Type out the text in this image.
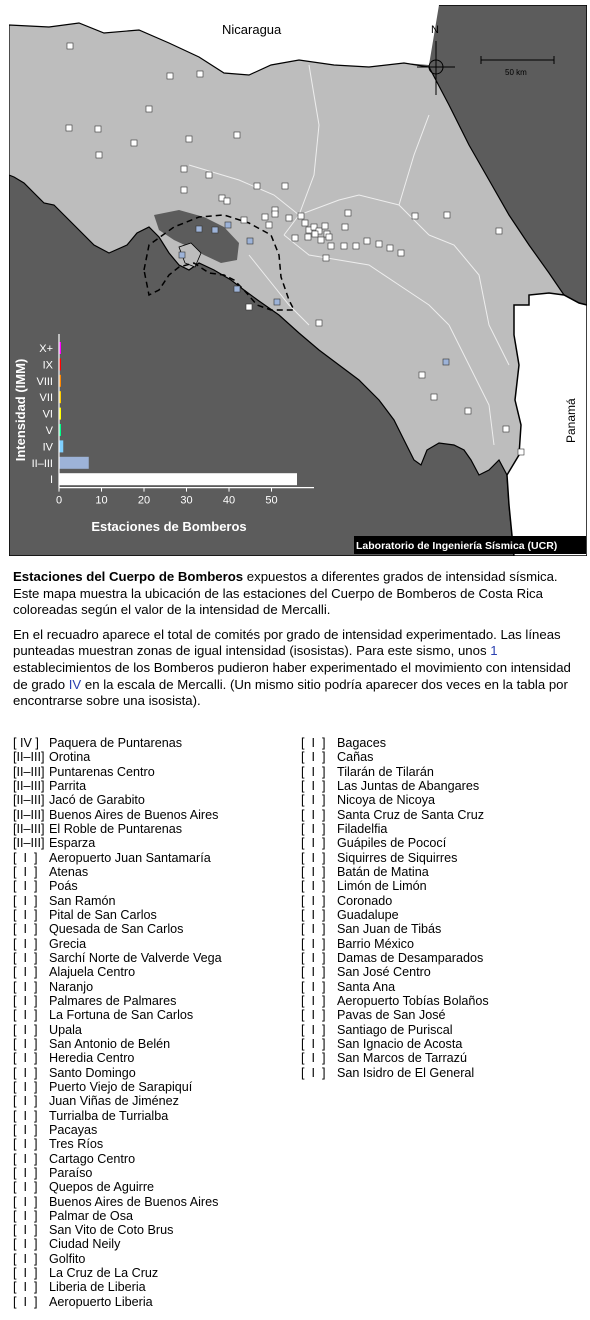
Nicaragua
Panamá
N
50 km
X+
IX
VIII
VII
VI
V
IV
II–III
I
0	10	20	30	40	50
Estaciones de Bomberos
Intensidad (IMM)
Laboratorio de Ingeniería Sísmica (UCR)

Estaciones del Cuerpo de Bomberos expuestos a diferentes grados de intensidad sísmica. Este mapa muestra la ubicación de las estaciones del Cuerpo de Bomberos de Costa Rica coloreadas según el valor de la intensidad de Mercalli.

En el recuadro aparece el total de comités por grado de intensidad experimentado. Las líneas punteadas muestran zonas de igual intensidad (isosistas). Para este sismo, unos 1 establecimientos de los Bomberos pudieron haber experimentado el movimiento con intensidad de grado IV en la escala de Mercalli. (Un mismo sitio podría aparecer dos veces en la tabla por encontrarse sobre una isosista).

[ IV ] Paquera de Puntarenas
[II–III] Orotina
[II–III] Puntarenas Centro
[II–III] Parrita
[II–III] Jacó de Garabito
[II–III] Buenos Aires de Buenos Aires
[II–III] El Roble de Puntarenas
[II–III] Esparza
[  I  ] Aeropuerto Juan Santamaría
[  I  ] Atenas
[  I  ] Poás
[  I  ] San Ramón
[  I  ] Pital de San Carlos
[  I  ] Quesada de San Carlos
[  I  ] Grecia
[  I  ] Sarchí Norte de Valverde Vega
[  I  ] Alajuela Centro
[  I  ] Naranjo
[  I  ] Palmares de Palmares
[  I  ] La Fortuna de San Carlos
[  I  ] Upala
[  I  ] San Antonio de Belén
[  I  ] Heredia Centro
[  I  ] Santo Domingo
[  I  ] Puerto Viejo de Sarapiquí
[  I  ] Juan Viñas de Jiménez
[  I  ] Turrialba de Turrialba
[  I  ] Pacayas
[  I  ] Tres Ríos
[  I  ] Cartago Centro
[  I  ] Paraíso
[  I  ] Quepos de Aguirre
[  I  ] Buenos Aires de Buenos Aires
[  I  ] Palmar de Osa
[  I  ] San Vito de Coto Brus
[  I  ] Ciudad Neily
[  I  ] Golfito
[  I  ] La Cruz de La Cruz
[  I  ] Liberia de Liberia
[  I  ] Aeropuerto Liberia
[  I  ] Bagaces
[  I  ] Cañas
[  I  ] Tilarán de Tilarán
[  I  ] Las Juntas de Abangares
[  I  ] Nicoya de Nicoya
[  I  ] Santa Cruz de Santa Cruz
[  I  ] Filadelfia
[  I  ] Guápiles de Pococí
[  I  ] Siquirres de Siquirres
[  I  ] Batán de Matina
[  I  ] Limón de Limón
[  I  ] Coronado
[  I  ] Guadalupe
[  I  ] San Juan de Tibás
[  I  ] Barrio México
[  I  ] Damas de Desamparados
[  I  ] San José Centro
[  I  ] Santa Ana
[  I  ] Aeropuerto Tobías Bolaños
[  I  ] Pavas de San José
[  I  ] Santiago de Puriscal
[  I  ] San Ignacio de Acosta
[  I  ] San Marcos de Tarrazú
[  I  ] San Isidro de El General
